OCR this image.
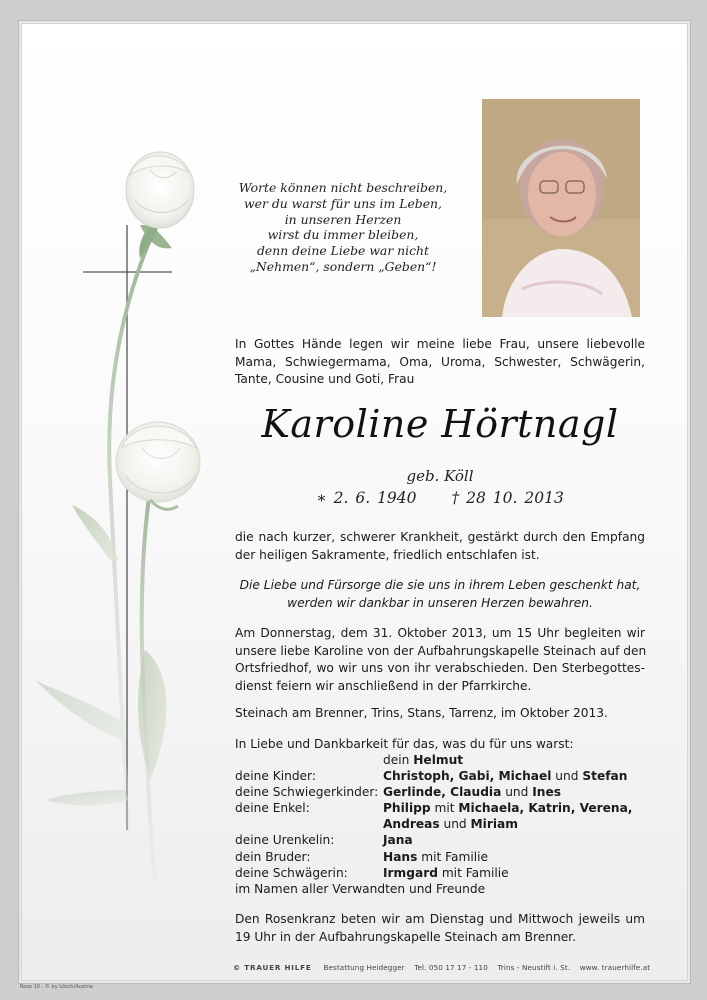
Worte können nicht beschreiben,
wer du warst für uns im Leben,
in unseren Herzen
wirst du immer bleiben,
denn deine Liebe war nicht
„Nehmen“, sondern „Geben“!
In Gottes Hände legen wir meine liebe Frau, unsere liebevolle
Mama, Schwiegermama, Oma, Uroma, Schwester, Schwägerin,
Tante, Cousine und Goti, Frau
Karoline Hörtnagl
geb. Köll
∗ 2. 6. 1940 † 28 10. 2013
die nach kurzer, schwerer Krankheit, gestärkt durch den Empfang
der heiligen Sakramente, friedlich entschlafen ist.
Die Liebe und Fürsorge die sie uns in ihrem Leben geschenkt hat,
werden wir dankbar in unseren Herzen bewahren.
Am Donnerstag, dem 31. Oktober 2013, um 15 Uhr begleiten wir
unsere liebe Karoline von der Aufbahrungskapelle Steinach auf den
Ortsfriedhof, wo wir uns von ihr verabschieden. Den Sterbegottes-
dienst feiern wir anschließend in der Pfarrkirche.
Steinach am Brenner, Trins, Stans, Tarrenz, im Oktober 2013.
In Liebe und Dankbarkeit für das, was du für uns warst:
dein Helmut
deine Kinder:	Christoph, Gabi, Michael und Stefan
deine Schwiegerkinder: Gerlinde, Claudia und Ines
deine Enkel:	Philipp mit Michaela, Katrin, Verena,
Andreas und Miriam
deine Urenkelin:	Jana
dein Bruder:	Hans mit Familie
deine Schwägerin:	Irmgard mit Familie
im Namen aller Verwandten und Freunde
Den Rosenkranz beten wir am Dienstag und Mittwoch jeweils um
19 Uhr in der Aufbahrungskapelle Steinach am Brenner.
© TRAUER HILFE Bestattung Heidegger Tel. 050 17 17 - 110 Trins - Neustift i. St. www. trauerhilfe.at
Rose 10 - © by Lösch/Austria
